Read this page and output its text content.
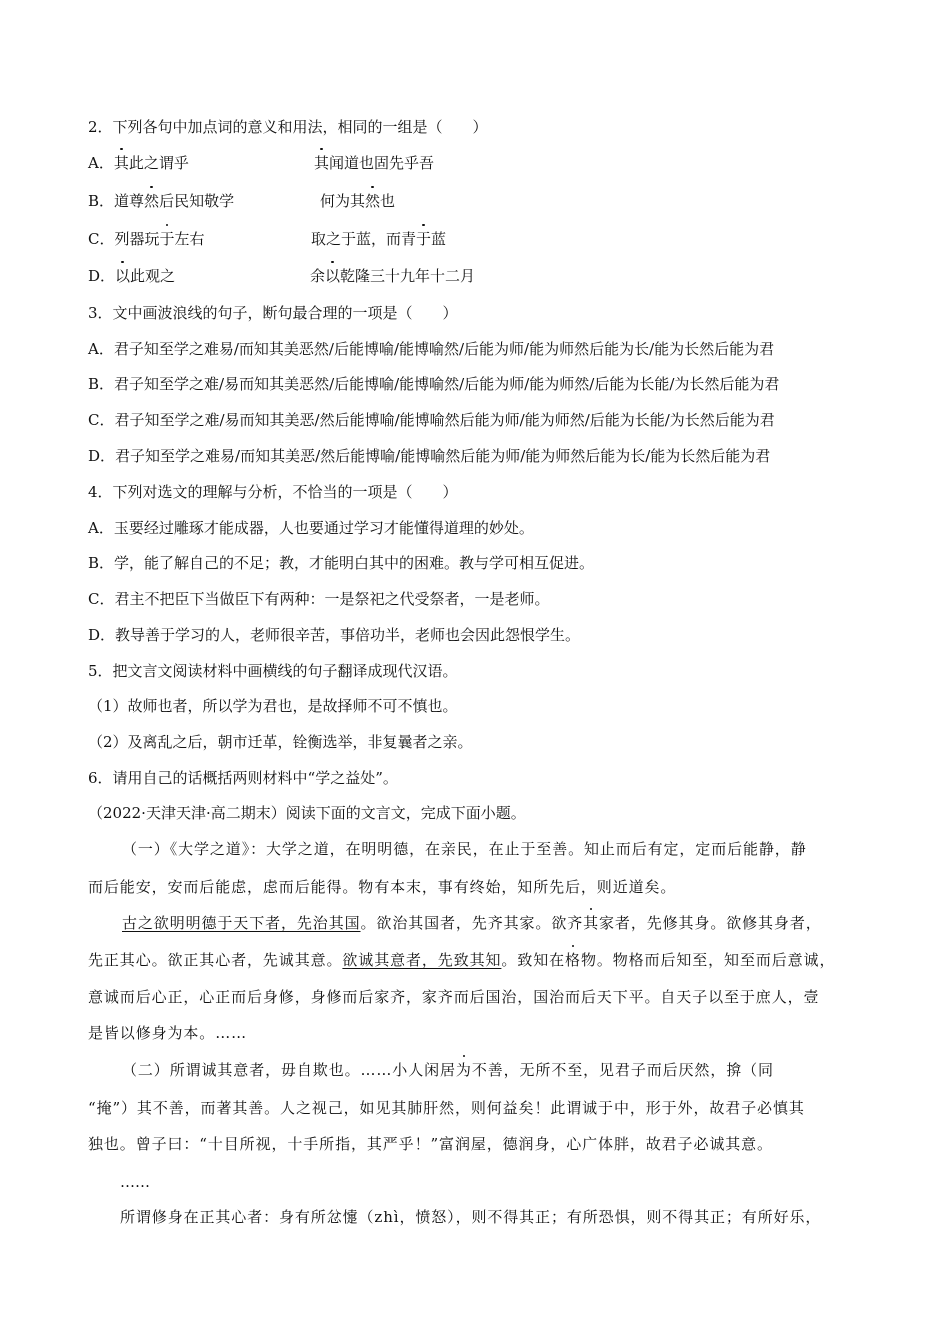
2．下列各句中加点词的意义和用法，相同的一组是（　　）
A．其此之谓乎	其闻道也固先乎吾
B．道尊然后民知敬学	何为其然也
C．列器玩于左右	取之于蓝，而青于蓝
D．以此观之	余以乾隆三十九年十二月
3．文中画波浪线的句子，断句最合理的一项是（　　）
A．君子知至学之难易/而知其美恶然/后能博喻/能博喻然/后能为师/能为师然后能为长/能为长然后能为君
B．君子知至学之难/易而知其美恶然/后能博喻/能博喻然/后能为师/能为师然/后能为长能/为长然后能为君
C．君子知至学之难/易而知其美恶/然后能博喻/能博喻然后能为师/能为师然/后能为长能/为长然后能为君
D．君子知至学之难易/而知其美恶/然后能博喻/能博喻然后能为师/能为师然后能为长/能为长然后能为君
4．下列对选文的理解与分析，不恰当的一项是（　　）
A．玉要经过雕琢才能成器，人也要通过学习才能懂得道理的妙处。
B．学，能了解自己的不足；教，才能明白其中的困难。教与学可相互促进。
C．君主不把臣下当做臣下有两种：一是祭祀之代受祭者，一是老师。
D．教导善于学习的人，老师很辛苦，事倍功半，老师也会因此怨恨学生。
5．把文言文阅读材料中画横线的句子翻译成现代汉语。
（1）故师也者，所以学为君也，是故择师不可不慎也。
（2）及离乱之后，朝市迁革，铨衡选举，非复曩者之亲。
6．请用自己的话概括两则材料中“学之益处”。
（2022·天津天津·高二期末）阅读下面的文言文，完成下面小题。
（一）《大学之道》：大学之道，在明明德，在亲民，在止于至善。知止而后有定，定而后能静，静
而后能安，安而后能虑，虑而后能得。物有本末，事有终始，知所先后，则近道矣。
古之欲明明德于天下者，先治其国。欲治其国者，先齐其家。欲齐其家者，先修其身。欲修其身者，
先正其心。欲正其心者，先诚其意。欲诚其意者，先致其知。致知在格物。物格而后知至，知至而后意诚，
意诚而后心正，心正而后身修，身修而后家齐，家齐而后国治，国治而后天下平。自天子以至于庶人，壹
是皆以修身为本。……
（二）所谓诚其意者，毋自欺也。……小人闲居为不善，无所不至，见君子而后厌然，揜（同
“掩”）其不善，而著其善。人之视己，如见其肺肝然，则何益矣！此谓诚于中，形于外，故君子必慎其
独也。曾子曰：“十目所视，十手所指，其严乎！”富润屋，德润身，心广体胖，故君子必诚其意。
……
所谓修身在正其心者：身有所忿懥（zhì，愤怒），则不得其正；有所恐惧，则不得其正；有所好乐，
